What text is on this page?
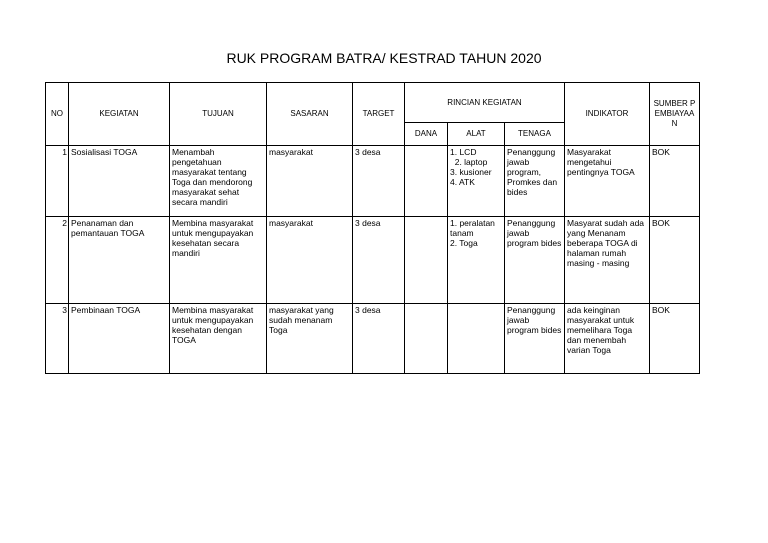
RUK PROGRAM BATRA/ KESTRAD TAHUN 2020
NO	KEGIATAN	TUJUAN	SASARAN	TARGET	RINCIAN KEGIATAN			INDIKATOR	SUMBER PEMBIAYAAN
					DANA	ALAT	TENAGA		
1	Sosialisasi TOGA	Menambah pengetahuan masyarakat tentang Toga dan mendorong masyarakat sehat secara mandiri	masyarakat	3 desa		1. LCD
2. laptop
3. kusioner
4. ATK	Penanggung jawab program, Promkes dan bides	Masyarakat mengetahui pentingnya TOGA	BOK
2	Penanaman dan pemantauan TOGA	Membina masyarakat untuk mengupayakan kesehatan secara mandiri	masyarakat	3 desa		1. peralatan tanam
2. Toga	Penanggung jawab program bides	Masyarat sudah ada yang Menanam beberapa TOGA di halaman rumah masing - masing	BOK
3	Pembinaan TOGA	Membina masyarakat untuk mengupayakan kesehatan dengan TOGA	masyarakat yang sudah menanam Toga	3 desa			Penanggung jawab program bides	ada keinginan masyarakat untuk memelihara Toga dan menembah varian Toga	BOK
